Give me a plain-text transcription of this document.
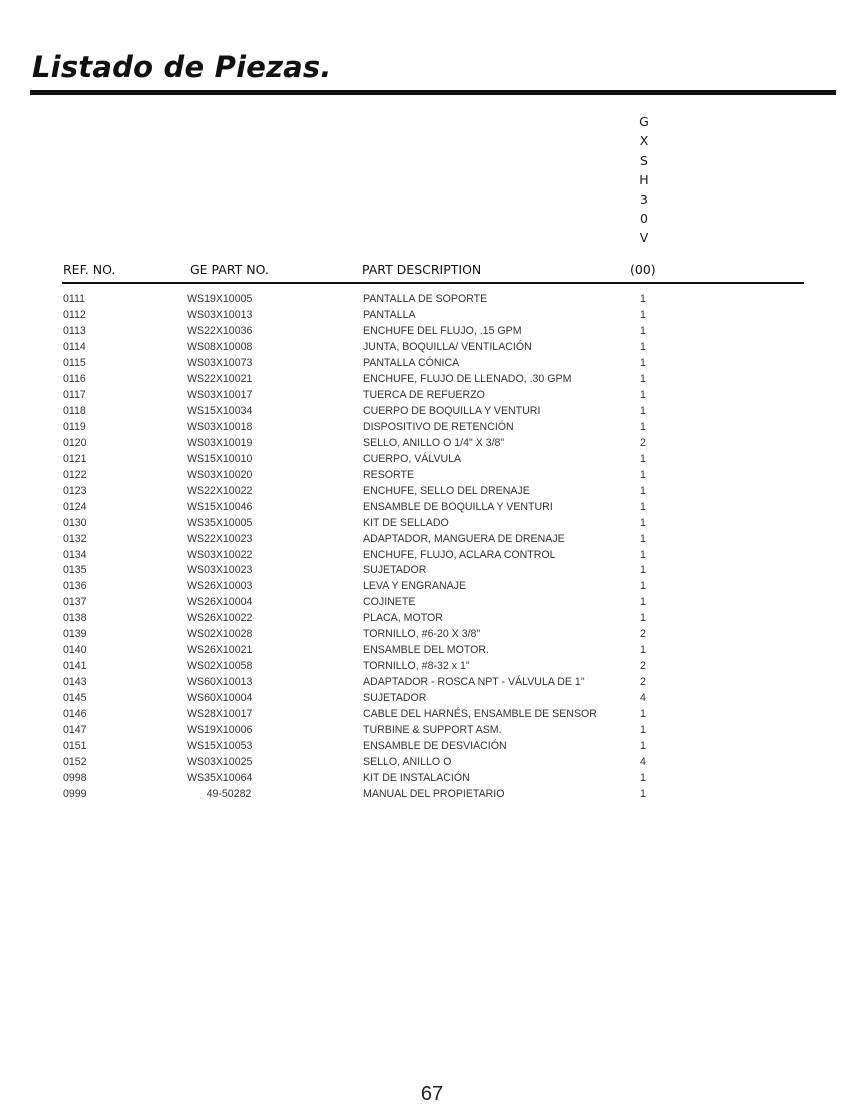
Listado de Piezas.
G
X
S
H
3
0
V
REF. NO.	GE PART NO.	PART DESCRIPTION	(00)
0111	WS19X10005	PANTALLA DE SOPORTE	1
0112	WS03X10013	PANTALLA	1
0113	WS22X10036	ENCHUFE DEL FLUJO, .15 GPM	1
0114	WS08X10008	JUNTA, BOQUILLA/ VENTILACIÓN	1
0115	WS03X10073	PANTALLA CÓNICA	1
0116	WS22X10021	ENCHUFE, FLUJO DE LLENADO, .30 GPM	1
0117	WS03X10017	TUERCA DE REFUERZO	1
0118	WS15X10034	CUERPO DE BOQUILLA Y VENTURI	1
0119	WS03X10018	DISPOSITIVO DE RETENCIÓN	1
0120	WS03X10019	SELLO, ANILLO O 1/4" X 3/8"	2
0121	WS15X10010	CUERPO, VÁLVULA	1
0122	WS03X10020	RESORTE	1
0123	WS22X10022	ENCHUFE, SELLO DEL DRENAJE	1
0124	WS15X10046	ENSAMBLE DE BOQUILLA Y VENTURI	1
0130	WS35X10005	KIT DE SELLADO	1
0132	WS22X10023	ADAPTADOR, MANGUERA DE DRENAJE	1
0134	WS03X10022	ENCHUFE, FLUJO, ACLARA CONTROL	1
0135	WS03X10023	SUJETADOR	1
0136	WS26X10003	LEVA Y ENGRANAJE	1
0137	WS26X10004	COJINETE	1
0138	WS26X10022	PLACA, MOTOR	1
0139	WS02X10028	TORNILLO, #6-20 X 3/8"	2
0140	WS26X10021	ENSAMBLE DEL MOTOR.	1
0141	WS02X10058	TORNILLO, #8-32 x 1"	2
0143	WS60X10013	ADAPTADOR - ROSCA NPT - VÁLVULA DE 1"	2
0145	WS60X10004	SUJETADOR	4
0146	WS28X10017	CABLE DEL HARNÉS, ENSAMBLE DE SENSOR	1
0147	WS19X10006	TURBINE & SUPPORT ASM.	1
0151	WS15X10053	ENSAMBLE DE DESVIACIÓN	1
0152	WS03X10025	SELLO, ANILLO O	4
0998	WS35X10064	KIT DE INSTALACIÓN	1
0999	49-50282	MANUAL DEL PROPIETARIO	1
67
